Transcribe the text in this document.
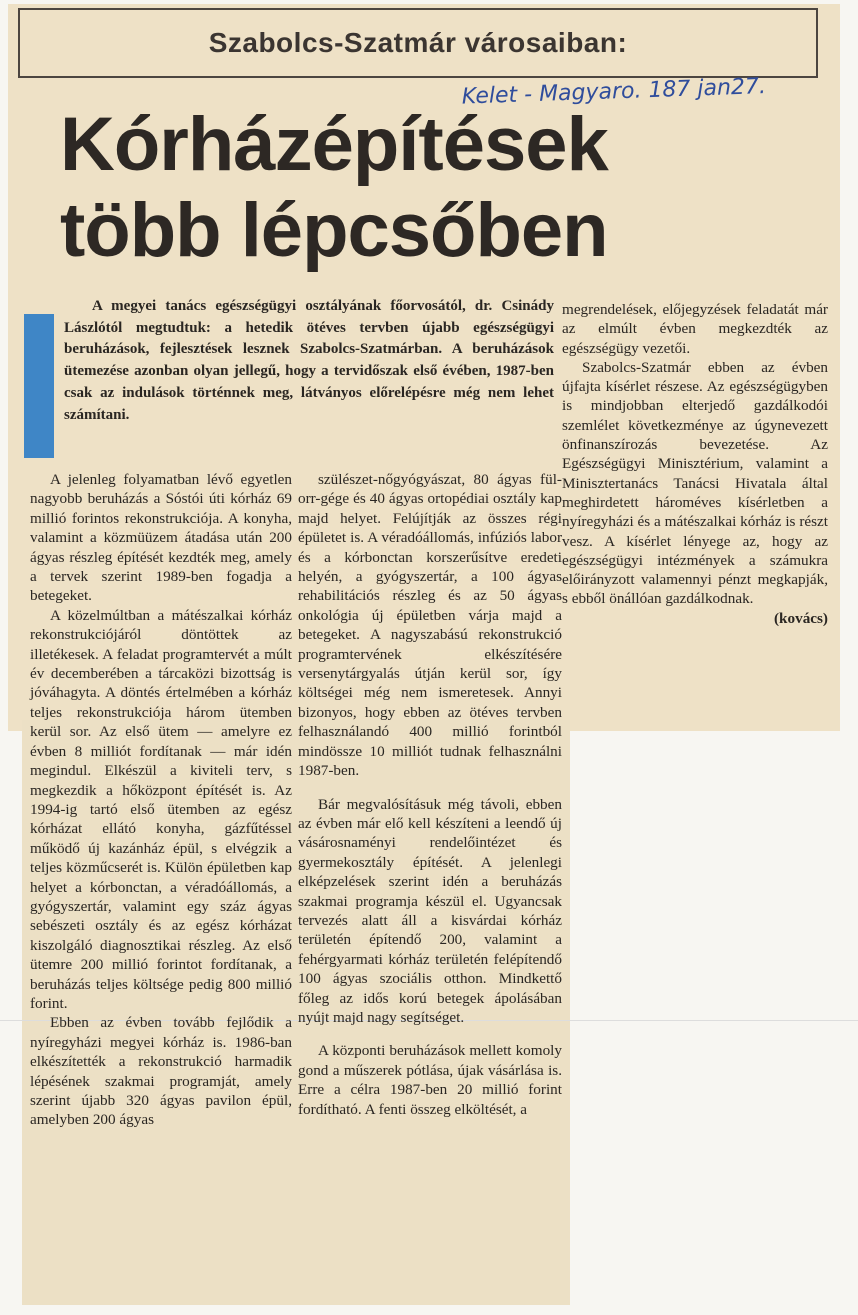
Szabolcs-Szatmár városaiban:
Kelet - Magyaro. 187 jan27.
Kórházépítések
több lépcsőben

A megyei tanács egészségügyi osztályának főorvosától, dr. Csinády Lászlótól megtudtuk: a hetedik ötéves tervben újabb egészségügyi beruházások, fejlesztések lesznek Szabolcs-Szatmárban. A beruházások ütemezése azonban olyan jellegű, hogy a tervidőszak első évében, 1987-ben csak az indulások történnek meg, látványos előrelépésre még nem lehet számítani.

A jelenleg folyamatban lévő egyetlen nagyobb beruházás a Sóstói úti kórház 69 millió forintos rekonstrukciója. A konyha, valamint a közmüüzem átadása után 200 ágyas részleg építését kezdték meg, amely a tervek szerint 1989-ben fogadja a betegeket.

A közelmúltban a mátészalkai kórház rekonstrukciójáról döntöttek az illetékesek. A feladat programtervét a múlt év decemberében a tárcaközi bizottság is jóváhagyta. A döntés értelmében a kórház teljes rekonstrukciója három ütemben kerül sor. Az első ütem — amelyre ez évben 8 milliót fordítanak — már idén megindul. Elkészül a kiviteli terv, s megkezdik a hőközpont építését is. Az 1994-ig tartó első ütemben az egész kórházat ellátó konyha, gázfűtéssel működő új kazánház épül, s elvégzik a teljes közműcserét is. Külön épületben kap helyet a kórbonctan, a véradóállomás, a gyógyszertár, valamint egy száz ágyas sebészeti osztály és az egész kórházat kiszolgáló diagnosztikai részleg. Az első ütemre 200 millió forintot fordítanak, a beruházás teljes költsége pedig 800 millió forint.

Ebben az évben tovább fejlődik a nyíregyházi megyei kórház is. 1986-ban elkészítették a rekonstrukció harmadik lépésének szakmai programját, amely szerint újabb 320 ágyas pavilon épül, amelyben 200 ágyas

szülészet-nőgyógyászat, 80 ágyas fül-orr-gége és 40 ágyas ortopédiai osztály kap majd helyet. Felújítják az összes régi épületet is. A véradóállomás, infúziós labor és a kórbonctan korszerűsítve eredeti helyén, a gyógyszertár, a 100 ágyas rehabilitációs részleg és az 50 ágyas onkológia új épületben várja majd a betegeket. A nagyszabású rekonstrukció programtervének elkészítésére versenytárgyalás útján kerül sor, így költségei még nem ismeretesek. Annyi bizonyos, hogy ebben az ötéves tervben felhasználandó 400 millió forintból mindössze 10 milliót tudnak felhasználni 1987-ben.

Bár megvalósításuk még távoli, ebben az évben már elő kell készíteni a leendő új vásárosnaményi rendelőintézet és gyermekosztály építését. A jelenlegi elképzelések szerint idén a beruházás szakmai programja készül el. Ugyancsak tervezés alatt áll a kisvárdai kórház területén építendő 200, valamint a fehérgyarmati kórház területén felépítendő 100 ágyas szociális otthon. Mindkettő főleg az idős korú betegek ápolásában nyújt majd nagy segítséget.

A központi beruházások mellett komoly gond a műszerek pótlása, újak vásárlása is. Erre a célra 1987-ben 20 millió forint fordítható. A fenti összeg elköltését, a

megrendelések, előjegyzések feladatát már az elmúlt évben megkezdték az egészségügy vezetői.

Szabolcs-Szatmár ebben az évben újfajta kísérlet részese. Az egészségügyben is mindjobban elterjedő gazdálkodói szemlélet következménye az úgynevezett önfinanszírozás bevezetése. Az Egészségügyi Minisztérium, valamint a Minisztertanács Tanácsi Hivatala által meghirdetett hároméves kísérletben a nyíregyházi és a mátészalkai kórház is részt vesz. A kísérlet lényege az, hogy az egészségügyi intézmények a számukra előirányzott valamennyi pénzt megkapják, s ebből önállóan gazdálkodnak.

(kovács)
